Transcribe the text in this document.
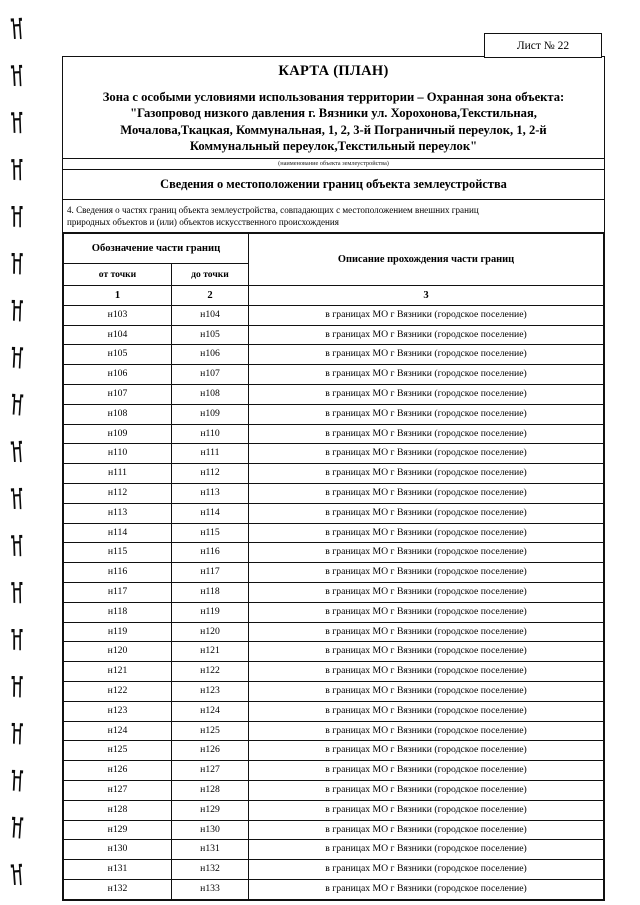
Лист № 22
КАРТА (ПЛАН)
Зона с особыми условиями использования территории – Охранная зона объекта:
"Газопровод низкого давления г. Вязники ул. Хорохонова,Текстильная,
Мочалова,Ткацкая, Коммунальная, 1, 2, 3-й Пограничный переулок, 1, 2-й
Коммунальный переулок,Текстильный переулок"
(наименование объекта землеустройства)
Сведения о местоположении границ объекта землеустройства
4. Сведения о частях границ объекта землеустройства, совпадающих с местоположением внешних границ
природных объектов и (или) объектов искусственного происхождения
Обозначение части границ		Описание прохождения части границ
от точки	до точки	
1	2	3
н103	н104	в границах МО г Вязники (городское поселение)
н104	н105	в границах МО г Вязники (городское поселение)
н105	н106	в границах МО г Вязники (городское поселение)
н106	н107	в границах МО г Вязники (городское поселение)
н107	н108	в границах МО г Вязники (городское поселение)
н108	н109	в границах МО г Вязники (городское поселение)
н109	н110	в границах МО г Вязники (городское поселение)
н110	н111	в границах МО г Вязники (городское поселение)
н111	н112	в границах МО г Вязники (городское поселение)
н112	н113	в границах МО г Вязники (городское поселение)
н113	н114	в границах МО г Вязники (городское поселение)
н114	н115	в границах МО г Вязники (городское поселение)
н115	н116	в границах МО г Вязники (городское поселение)
н116	н117	в границах МО г Вязники (городское поселение)
н117	н118	в границах МО г Вязники (городское поселение)
н118	н119	в границах МО г Вязники (городское поселение)
н119	н120	в границах МО г Вязники (городское поселение)
н120	н121	в границах МО г Вязники (городское поселение)
н121	н122	в границах МО г Вязники (городское поселение)
н122	н123	в границах МО г Вязники (городское поселение)
н123	н124	в границах МО г Вязники (городское поселение)
н124	н125	в границах МО г Вязники (городское поселение)
н125	н126	в границах МО г Вязники (городское поселение)
н126	н127	в границах МО г Вязники (городское поселение)
н127	н128	в границах МО г Вязники (городское поселение)
н128	н129	в границах МО г Вязники (городское поселение)
н129	н130	в границах МО г Вязники (городское поселение)
н130	н131	в границах МО г Вязники (городское поселение)
н131	н132	в границах МО г Вязники (городское поселение)
н132	н133	в границах МО г Вязники (городское поселение)
